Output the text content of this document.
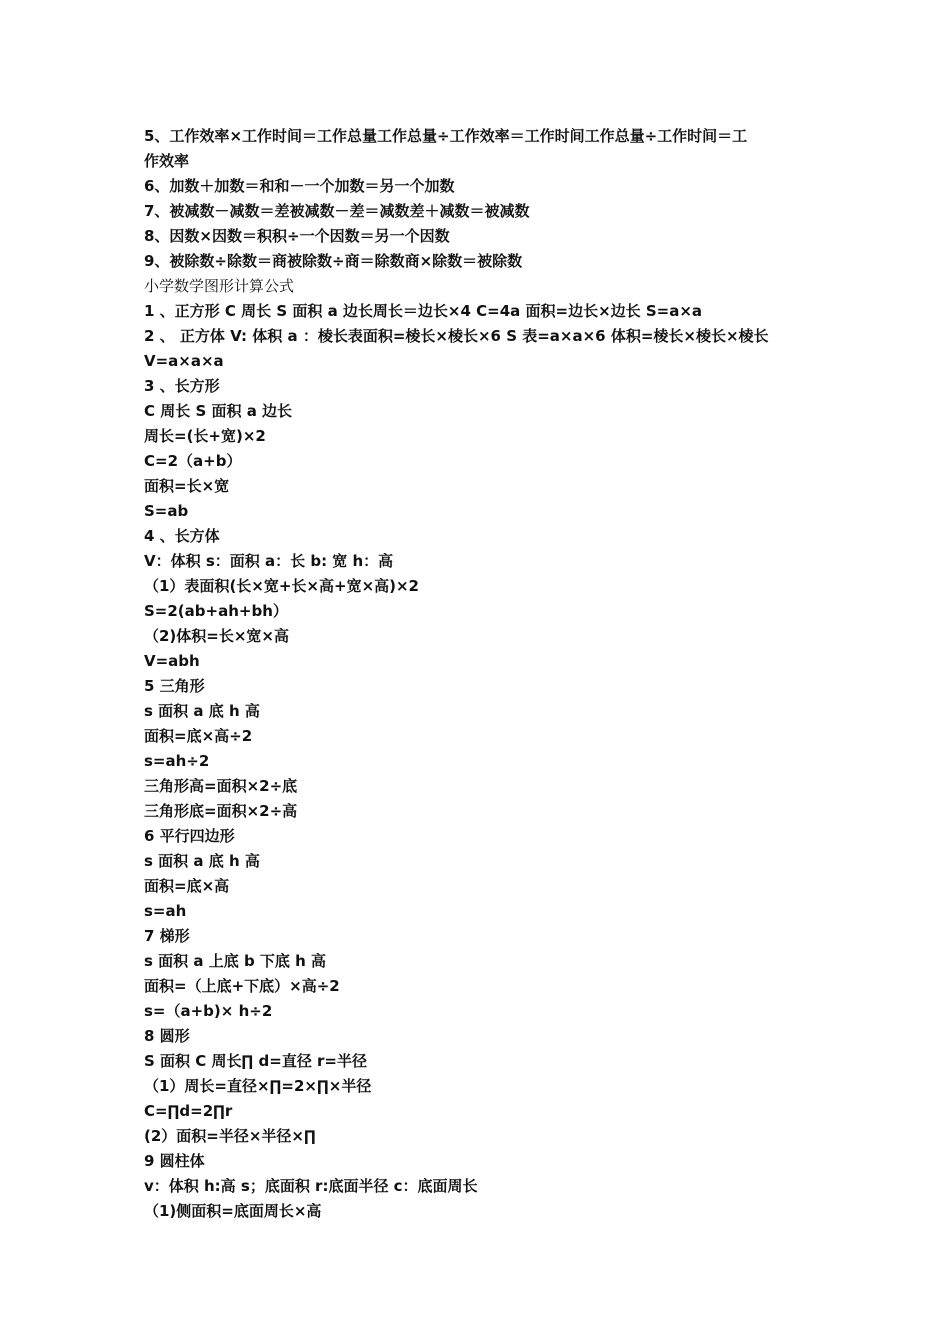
5、工作效率×工作时间＝工作总量工作总量÷工作效率＝工作时间工作总量÷工作时间＝工
作效率
6、加数＋加数＝和和－一个加数＝另一个加数
7、被减数－减数＝差被减数－差＝减数差＋减数＝被减数
8、因数×因数＝积积÷一个因数＝另一个因数
9、被除数÷除数＝商被除数÷商＝除数商×除数＝被除数
小学数学图形计算公式
1 、正方形 C 周长 S 面积 a 边长周长＝边长×4 C=4a 面积=边长×边长 S=a×a
2 、 正方体 V: 体积 a ：棱长表面积=棱长×棱长×6 S 表=a×a×6 体积=棱长×棱长×棱长
V=a×a×a
3 、长方形
C 周长 S 面积 a 边长
周长=(长+宽)×2
C=2（a+b）
面积=长×宽
S=ab
4 、长方体
V：体积 s：面积 a：长 b: 宽 h：高
（1）表面积(长×宽+长×高+宽×高)×2
S=2(ab+ah+bh）
（2)体积=长×宽×高
V=abh
5 三角形
s 面积 a 底 h 高
面积=底×高÷2
s=ah÷2
三角形高=面积×2÷底
三角形底=面积×2÷高
6 平行四边形
s 面积 a 底 h 高
面积=底×高
s=ah
7 梯形
s 面积 a 上底 b 下底 h 高
面积=（上底+下底）×高÷2
s=（a+b)× h÷2
8 圆形
S 面积 C 周长∏ d=直径 r=半径
（1）周长=直径×∏=2×∏×半径
C=∏d=2∏r
(2）面积=半径×半径×∏
9 圆柱体
v：体积 h:高 s；底面积 r:底面半径 c：底面周长
（1)侧面积=底面周长×高
